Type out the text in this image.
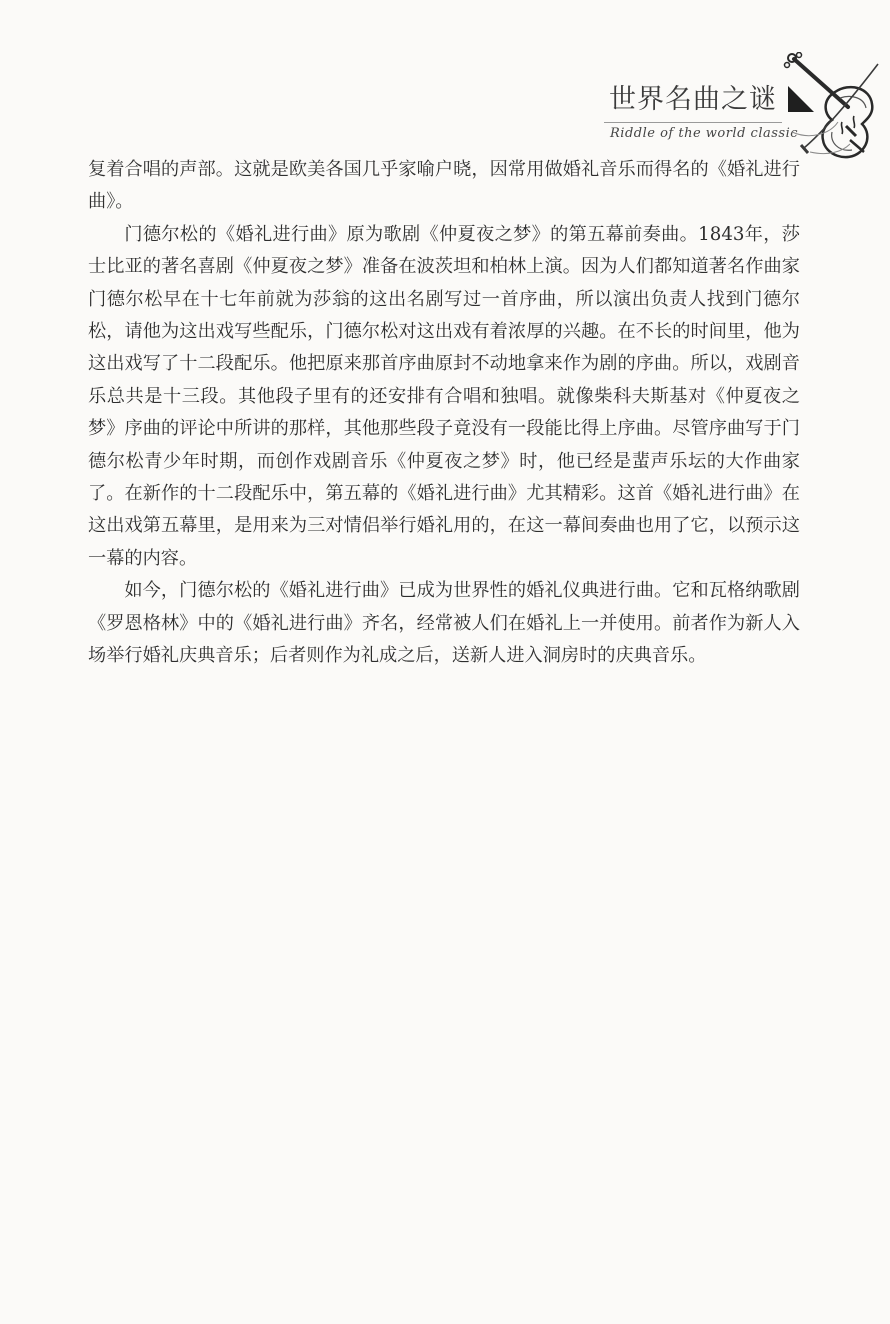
世界名曲之谜
Riddle of the world classic

复着合唱的声部。这就是欧美各国几乎家喻户晓，因常用做婚礼音乐而得名的《婚礼进行曲》。

门德尔松的《婚礼进行曲》原为歌剧《仲夏夜之梦》的第五幕前奏曲。1843年，莎士比亚的著名喜剧《仲夏夜之梦》准备在波茨坦和柏林上演。因为人们都知道著名作曲家门德尔松早在十七年前就为莎翁的这出名剧写过一首序曲，所以演出负责人找到门德尔松，请他为这出戏写些配乐，门德尔松对这出戏有着浓厚的兴趣。在不长的时间里，他为这出戏写了十二段配乐。他把原来那首序曲原封不动地拿来作为剧的序曲。所以，戏剧音乐总共是十三段。其他段子里有的还安排有合唱和独唱。就像柴科夫斯基对《仲夏夜之梦》序曲的评论中所讲的那样，其他那些段子竟没有一段能比得上序曲。尽管序曲写于门德尔松青少年时期，而创作戏剧音乐《仲夏夜之梦》时，他已经是蜚声乐坛的大作曲家了。在新作的十二段配乐中，第五幕的《婚礼进行曲》尤其精彩。这首《婚礼进行曲》在这出戏第五幕里，是用来为三对情侣举行婚礼用的，在这一幕间奏曲也用了它，以预示这一幕的内容。

如今，门德尔松的《婚礼进行曲》已成为世界性的婚礼仪典进行曲。它和瓦格纳歌剧《罗恩格林》中的《婚礼进行曲》齐名，经常被人们在婚礼上一并使用。前者作为新人入场举行婚礼庆典音乐；后者则作为礼成之后，送新人进入洞房时的庆典音乐。
